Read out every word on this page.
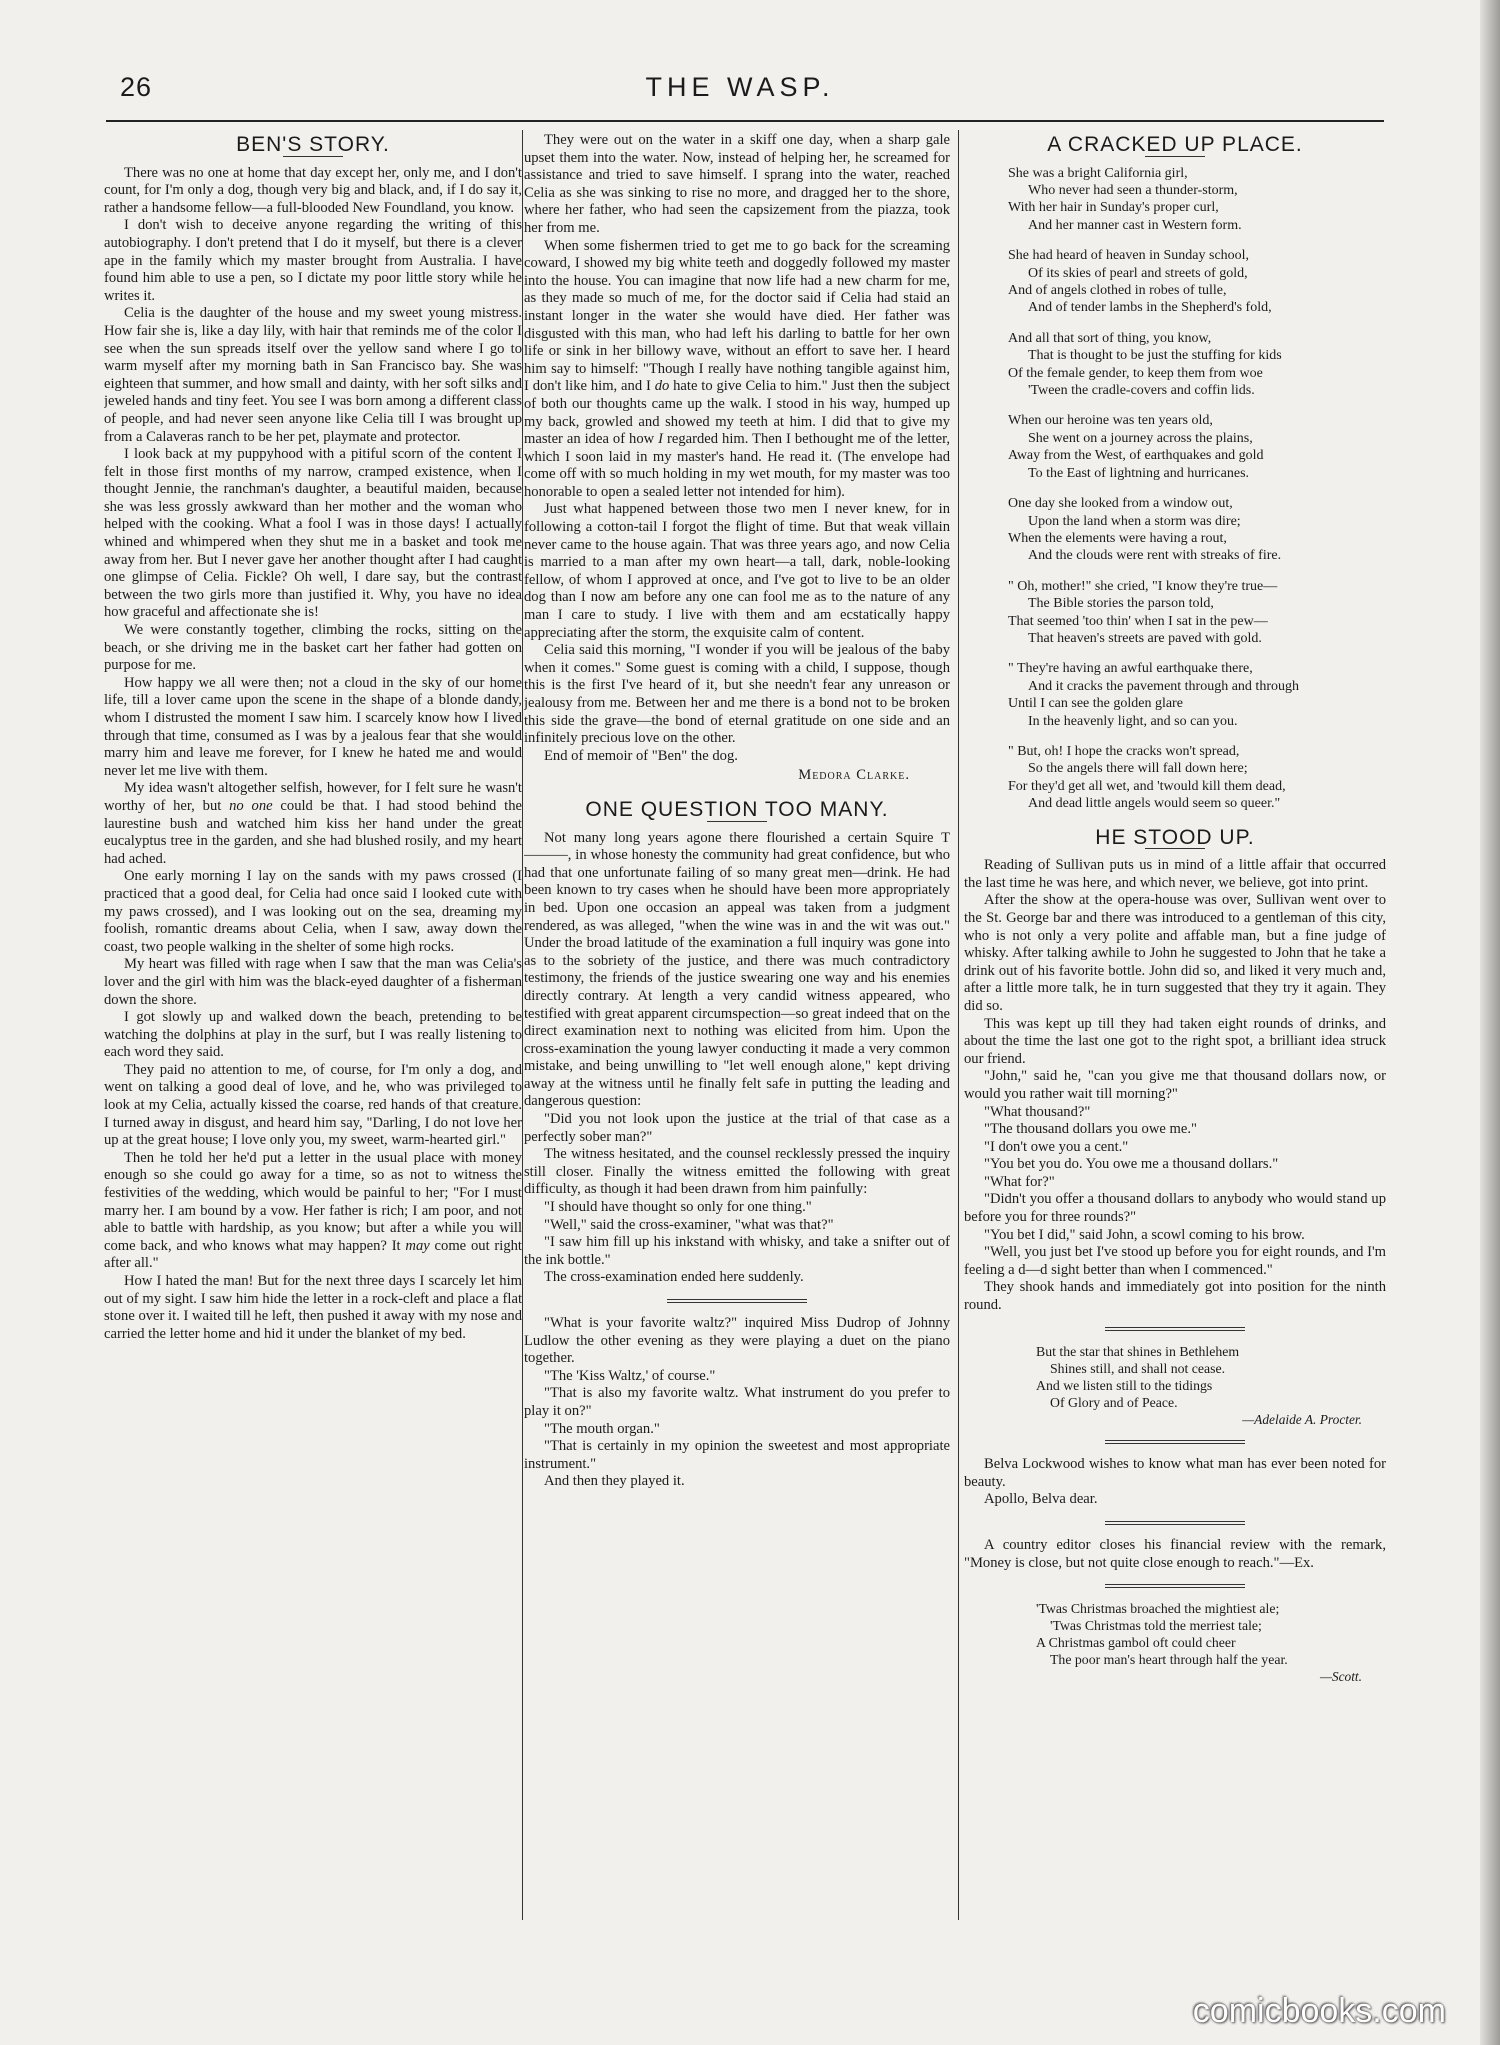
26	THE WASP.
BEN'S STORY.

There was no one at home that day except her, only me, and I don't count, for I'm only a dog, though very big and black, and, if I do say it, rather a handsome fellow—a full-blooded New Foundland, you know.

I don't wish to deceive anyone regarding the writing of this autobiography. I don't pretend that I do it myself, but there is a clever ape in the family which my master brought from Australia. I have found him able to use a pen, so I dictate my poor little story while he writes it.

Celia is the daughter of the house and my sweet young mistress. How fair she is, like a day lily, with hair that reminds me of the color I see when the sun spreads itself over the yellow sand where I go to warm myself after my morning bath in San Francisco bay. She was eighteen that summer, and how small and dainty, with her soft silks and jeweled hands and tiny feet. You see I was born among a different class of people, and had never seen anyone like Celia till I was brought up from a Calaveras ranch to be her pet, playmate and protector.

I look back at my puppyhood with a pitiful scorn of the content I felt in those first months of my narrow, cramped existence, when I thought Jennie, the ranchman's daughter, a beautiful maiden, because she was less grossly awkward than her mother and the woman who helped with the cooking. What a fool I was in those days! I actually whined and whimpered when they shut me in a basket and took me away from her. But I never gave her another thought after I had caught one glimpse of Celia. Fickle? Oh well, I dare say, but the contrast between the two girls more than justified it. Why, you have no idea how graceful and affectionate she is!

We were constantly together, climbing the rocks, sitting on the beach, or she driving me in the basket cart her father had gotten on purpose for me.

How happy we all were then; not a cloud in the sky of our home life, till a lover came upon the scene in the shape of a blonde dandy, whom I distrusted the moment I saw him. I scarcely know how I lived through that time, consumed as I was by a jealous fear that she would marry him and leave me forever, for I knew he hated me and would never let me live with them.

My idea wasn't altogether selfish, however, for I felt sure he wasn't worthy of her, but no one could be that. I had stood behind the laurestine bush and watched him kiss her hand under the great eucalyptus tree in the garden, and she had blushed rosily, and my heart had ached.

One early morning I lay on the sands with my paws crossed (I practiced that a good deal, for Celia had once said I looked cute with my paws crossed), and I was looking out on the sea, dreaming my foolish, romantic dreams about Celia, when I saw, away down the coast, two people walking in the shelter of some high rocks.

My heart was filled with rage when I saw that the man was Celia's lover and the girl with him was the black-eyed daughter of a fisherman down the shore.

I got slowly up and walked down the beach, pretending to be watching the dolphins at play in the surf, but I was really listening to each word they said.

They paid no attention to me, of course, for I'm only a dog, and went on talking a good deal of love, and he, who was privileged to look at my Celia, actually kissed the coarse, red hands of that creature. I turned away in disgust, and heard him say, "Darling, I do not love her up at the great house; I love only you, my sweet, warm-hearted girl."

Then he told her he'd put a letter in the usual place with money enough so she could go away for a time, so as not to witness the festivities of the wedding, which would be painful to her; "For I must marry her. I am bound by a vow. Her father is rich; I am poor, and not able to battle with hardship, as you know; but after a while you will come back, and who knows what may happen? It may come out right after all."

How I hated the man! But for the next three days I scarcely let him out of my sight. I saw him hide the letter in a rock-cleft and place a flat stone over it. I waited till he left, then pushed it away with my nose and carried the letter home and hid it under the blanket of my bed.

They were out on the water in a skiff one day, when a sharp gale upset them into the water. Now, instead of helping her, he screamed for assistance and tried to save himself. I sprang into the water, reached Celia as she was sinking to rise no more, and dragged her to the shore, where her father, who had seen the capsizement from the piazza, took her from me.

When some fishermen tried to get me to go back for the screaming coward, I showed my big white teeth and doggedly followed my master into the house. You can imagine that now life had a new charm for me, as they made so much of me, for the doctor said if Celia had staid an instant longer in the water she would have died. Her father was disgusted with this man, who had left his darling to battle for her own life or sink in her billowy wave, without an effort to save her. I heard him say to himself: "Though I really have nothing tangible against him, I don't like him, and I do hate to give Celia to him." Just then the subject of both our thoughts came up the walk. I stood in his way, humped up my back, growled and showed my teeth at him. I did that to give my master an idea of how I regarded him. Then I bethought me of the letter, which I soon laid in my master's hand. He read it. (The envelope had come off with so much holding in my wet mouth, for my master was too honorable to open a sealed letter not intended for him).

Just what happened between those two men I never knew, for in following a cotton-tail I forgot the flight of time. But that weak villain never came to the house again. That was three years ago, and now Celia is married to a man after my own heart—a tall, dark, noble-looking fellow, of whom I approved at once, and I've got to live to be an older dog than I now am before any one can fool me as to the nature of any man I care to study. I live with them and am ecstatically happy appreciating after the storm, the exquisite calm of content.

Celia said this morning, "I wonder if you will be jealous of the baby when it comes." Some guest is coming with a child, I suppose, though this is the first I've heard of it, but she needn't fear any unreason or jealousy from me. Between her and me there is a bond not to be broken this side the grave—the bond of eternal gratitude on one side and an infinitely precious love on the other.

End of memoir of "Ben" the dog.

Medora Clarke.
ONE QUESTION TOO MANY.

Not many long years agone there flourished a certain Squire T———, in whose honesty the community had great confidence, but who had that one unfortunate failing of so many great men—drink. He had been known to try cases when he should have been more appropriately in bed. Upon one occasion an appeal was taken from a judgment rendered, as was alleged, "when the wine was in and the wit was out." Under the broad latitude of the examination a full inquiry was gone into as to the sobriety of the justice, and there was much contradictory testimony, the friends of the justice swearing one way and his enemies directly contrary. At length a very candid witness appeared, who testified with great apparent circumspection—so great indeed that on the direct examination next to nothing was elicited from him. Upon the cross-examination the young lawyer conducting it made a very common mistake, and being unwilling to "let well enough alone," kept driving away at the witness until he finally felt safe in putting the leading and dangerous question:

"Did you not look upon the justice at the trial of that case as a perfectly sober man?"

The witness hesitated, and the counsel recklessly pressed the inquiry still closer. Finally the witness emitted the following with great difficulty, as though it had been drawn from him painfully:

"I should have thought so only for one thing."

"Well," said the cross-examiner, "what was that?"

"I saw him fill up his inkstand with whisky, and take a snifter out of the ink bottle."

The cross-examination ended here suddenly.

"What is your favorite waltz?" inquired Miss Dudrop of Johnny Ludlow the other evening as they were playing a duet on the piano together.

"The 'Kiss Waltz,' of course."

"That is also my favorite waltz. What instrument do you prefer to play it on?"

"The mouth organ."

"That is certainly in my opinion the sweetest and most appropriate instrument."

And then they played it.

A CRACKED UP PLACE.
She was a bright California girl,
Who never had seen a thunder-storm,
With her hair in Sunday's proper curl,
And her manner cast in Western form.
She had heard of heaven in Sunday school,
Of its skies of pearl and streets of gold,
And of angels clothed in robes of tulle,
And of tender lambs in the Shepherd's fold,
And all that sort of thing, you know,
That is thought to be just the stuffing for kids
Of the female gender, to keep them from woe
'Tween the cradle-covers and coffin lids.
When our heroine was ten years old,
She went on a journey across the plains,
Away from the West, of earthquakes and gold
To the East of lightning and hurricanes.
One day she looked from a window out,
Upon the land when a storm was dire;
When the elements were having a rout,
And the clouds were rent with streaks of fire.
" Oh, mother!" she cried, "I know they're true—
The Bible stories the parson told,
That seemed 'too thin' when I sat in the pew—
That heaven's streets are paved with gold.
" They're having an awful earthquake there,
And it cracks the pavement through and through
Until I can see the golden glare
In the heavenly light, and so can you.
" But, oh! I hope the cracks won't spread,
So the angels there will fall down here;
For they'd get all wet, and 'twould kill them dead,
And dead little angels would seem so queer."
HE STOOD UP.

Reading of Sullivan puts us in mind of a little affair that occurred the last time he was here, and which never, we believe, got into print.

After the show at the opera-house was over, Sullivan went over to the St. George bar and there was introduced to a gentleman of this city, who is not only a very polite and affable man, but a fine judge of whisky. After talking awhile to John he suggested to John that he take a drink out of his favorite bottle. John did so, and liked it very much and, after a little more talk, he in turn suggested that they try it again. They did so.

This was kept up till they had taken eight rounds of drinks, and about the time the last one got to the right spot, a brilliant idea struck our friend.

"John," said he, "can you give me that thousand dollars now, or would you rather wait till morning?"

"What thousand?"

"The thousand dollars you owe me."

"I don't owe you a cent."

"You bet you do. You owe me a thousand dollars."

"What for?"

"Didn't you offer a thousand dollars to anybody who would stand up before you for three rounds?"

"You bet I did," said John, a scowl coming to his brow.

"Well, you just bet I've stood up before you for eight rounds, and I'm feeling a d—d sight better than when I commenced."

They shook hands and immediately got into position for the ninth round.

But the star that shines in Bethlehem
Shines still, and shall not cease.
And we listen still to the tidings
Of Glory and of Peace.
—Adelaide A. Procter.

Belva Lockwood wishes to know what man has ever been noted for beauty.

Apollo, Belva dear.

A country editor closes his financial review with the remark, "Money is close, but not quite close enough to reach."—Ex.

'Twas Christmas broached the mightiest ale;
'Twas Christmas told the merriest tale;
A Christmas gambol oft could cheer
The poor man's heart through half the year.
—Scott.
comicbooks.com
